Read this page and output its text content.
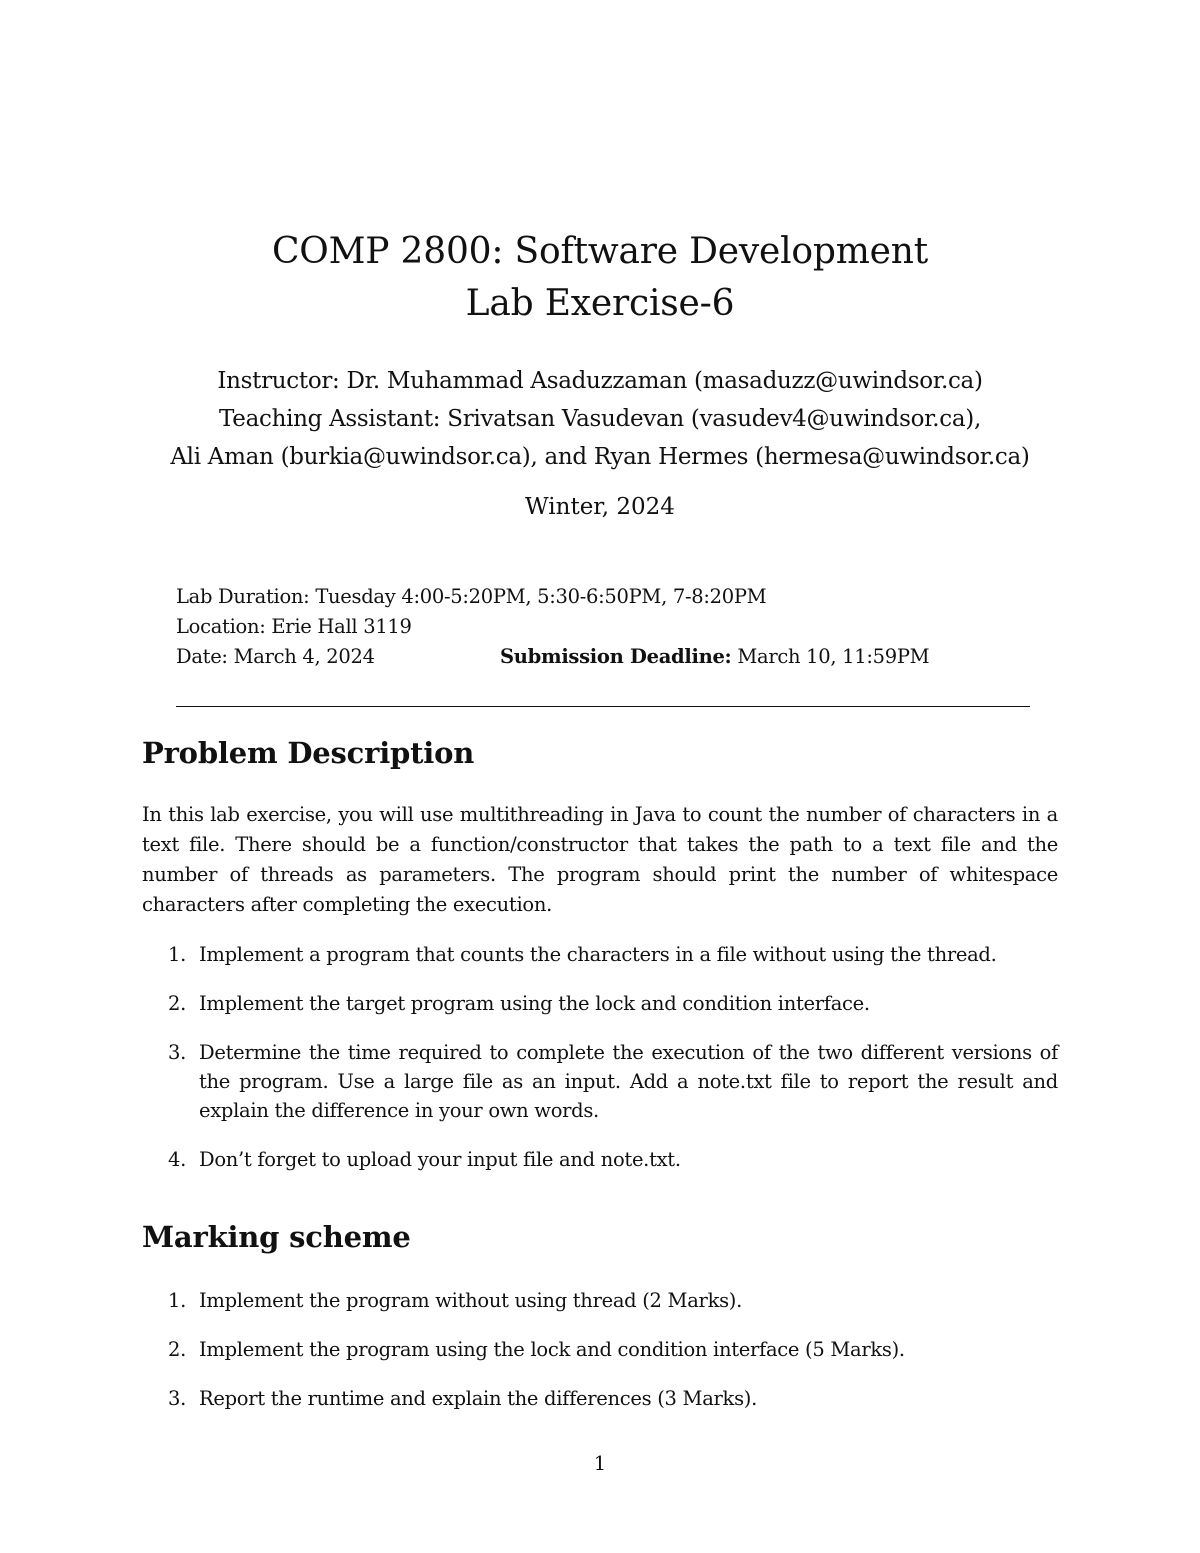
COMP 2800: Software Development
Lab Exercise-6
Instructor: Dr. Muhammad Asaduzzaman (masaduzz@uwindsor.ca)
Teaching Assistant: Srivatsan Vasudevan (vasudev4@uwindsor.ca),
Ali Aman (burkia@uwindsor.ca), and Ryan Hermes (hermesa@uwindsor.ca)
Winter, 2024
Lab Duration: Tuesday 4:00-5:20PM, 5:30-6:50PM, 7-8:20PM
Location: Erie Hall 3119
Date: March 4, 2024	Submission Deadline: March 10, 11:59PM
Problem Description
In this lab exercise, you will use multithreading in Java to count the number of characters in a text file. There should be a function/constructor that takes the path to a text file and the number of threads as parameters. The program should print the number of whitespace characters after completing the execution.
1. Implement a program that counts the characters in a file without using the thread.
2. Implement the target program using the lock and condition interface.
3. Determine the time required to complete the execution of the two different versions of the program. Use a large file as an input. Add a note.txt file to report the result and explain the difference in your own words.
4. Don’t forget to upload your input file and note.txt.
Marking scheme
1. Implement the program without using thread (2 Marks).
2. Implement the program using the lock and condition interface (5 Marks).
3. Report the runtime and explain the differences (3 Marks).
1
